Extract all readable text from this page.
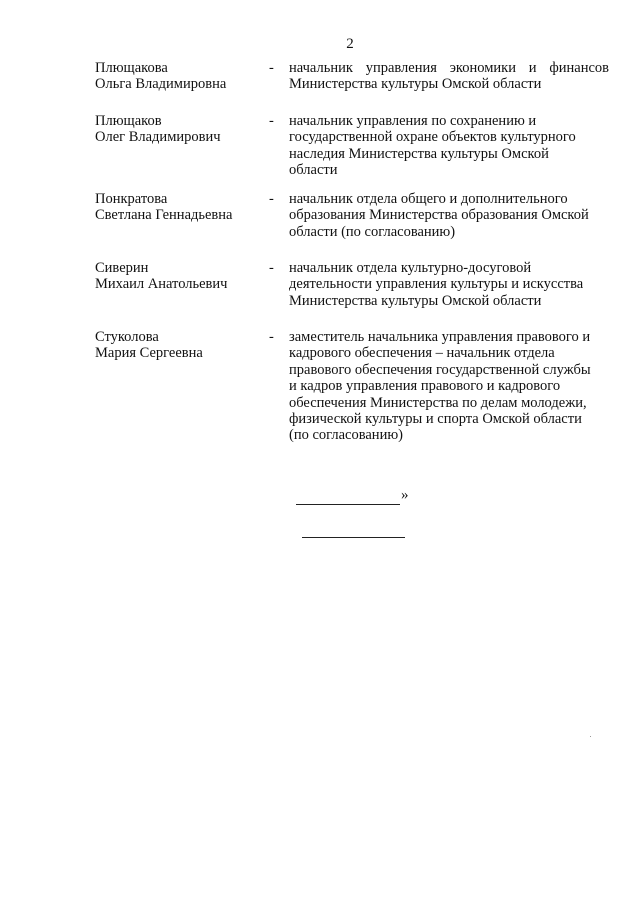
2
Плющакова
Ольга Владимировна
- начальник управления экономики и финансов
Министерства культуры Омской области
Плющаков
Олег Владимирович
- начальник управления по сохранению и
государственной охране объектов культурного
наследия Министерства культуры Омской
области
Понкратова
Светлана Геннадьевна
- начальник отдела общего и дополнительного
образования Министерства образования Омской
области (по согласованию)
Сиверин
Михаил Анатольевич
- начальник отдела культурно-досуговой
деятельности управления культуры и искусства
Министерства культуры Омской области
Стуколова
Мария Сергеевна
- заместитель начальника управления правового и
кадрового обеспечения – начальник отдела
правового обеспечения государственной службы
и кадров управления правового и кадрового
обеспечения Министерства по делам молодежи,
физической культуры и спорта Омской области
(по согласованию)
»
